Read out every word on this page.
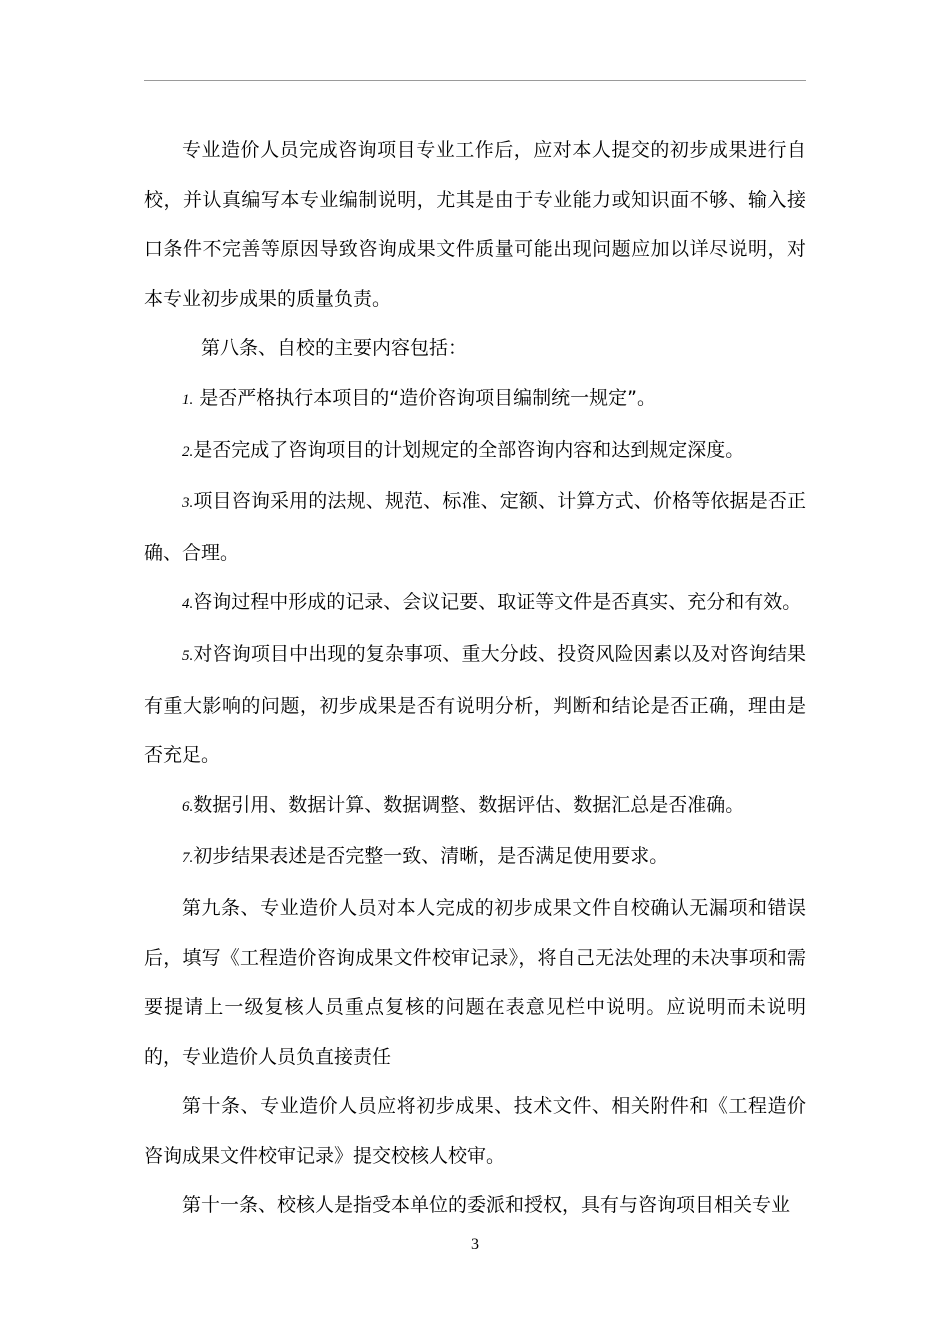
专业造价人员完成咨询项目专业工作后，应对本人提交的初步成果进行自校，并认真编写本专业编制说明，尤其是由于专业能力或知识面不够、输入接口条件不完善等原因导致咨询成果文件质量可能出现问题应加以详尽说明，对本专业初步成果的质量负责。

第八条、自校的主要内容包括：

1. 是否严格执行本项目的“造价咨询项目编制统一规定”。

2.是否完成了咨询项目的计划规定的全部咨询内容和达到规定深度。

3.项目咨询采用的法规、规范、标准、定额、计算方式、价格等依据是否正确、合理。

4.咨询过程中形成的记录、会议记要、取证等文件是否真实、充分和有效。

5.对咨询项目中出现的复杂事项、重大分歧、投资风险因素以及对咨询结果有重大影响的问题，初步成果是否有说明分析，判断和结论是否正确，理由是否充足。

6.数据引用、数据计算、数据调整、数据评估、数据汇总是否准确。

7.初步结果表述是否完整一致、清晰，是否满足使用要求。

第九条、专业造价人员对本人完成的初步成果文件自校确认无漏项和错误后，填写《工程造价咨询成果文件校审记录》，将自己无法处理的未决事项和需要提请上一级复核人员重点复核的问题在表意见栏中说明。应说明而未说明的，专业造价人员负直接责任

第十条、专业造价人员应将初步成果、技术文件、相关附件和《工程造价咨询成果文件校审记录》提交校核人校审。

第十一条、校核人是指受本单位的委派和授权，具有与咨询项目相关专业

3
